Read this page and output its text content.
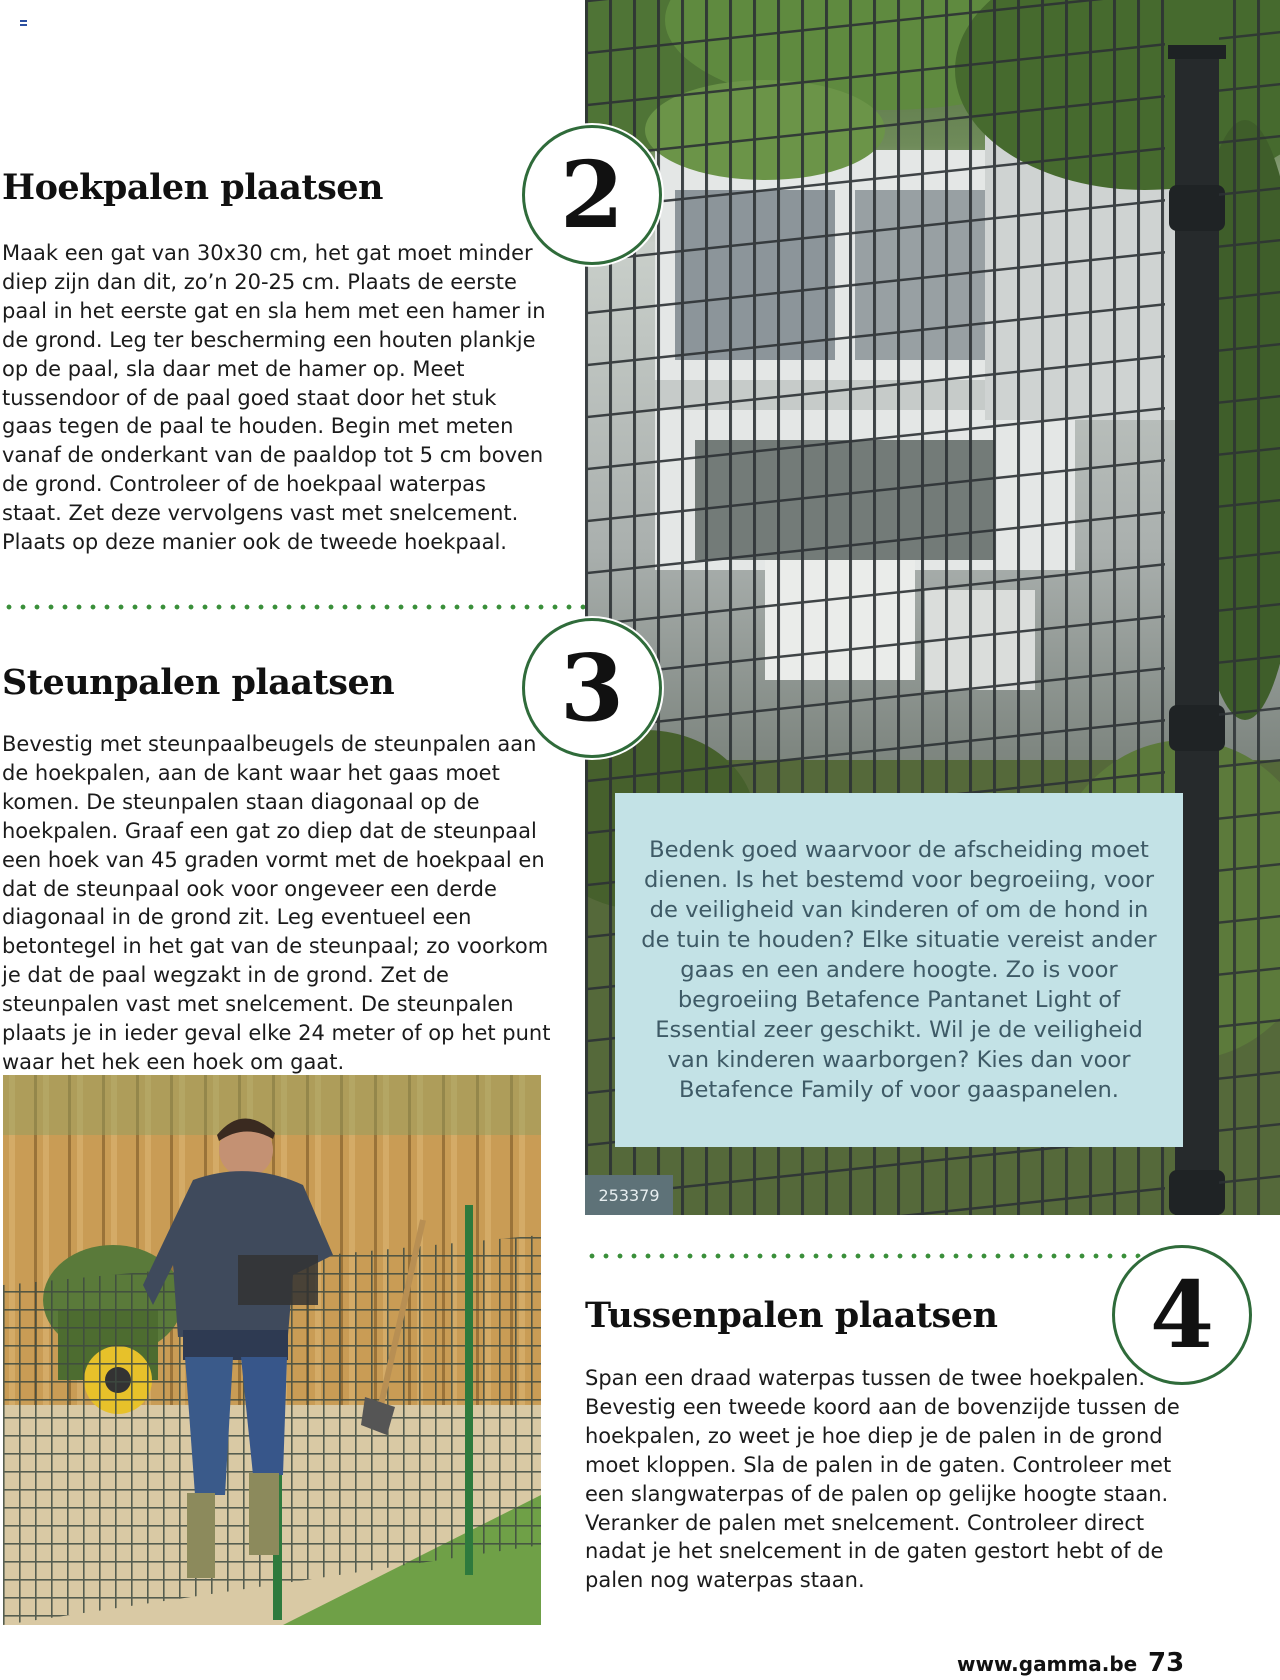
Hoekpalen plaatsen

Maak een gat van 30x30 cm, het gat moet minder diep zijn dan dit, zo’n 20-25 cm. Plaats de eerste paal in het eerste gat en sla hem met een hamer in de grond. Leg ter bescherming een houten plankje op de paal, sla daar met de hamer op. Meet tussendoor of de paal goed staat door het stuk gaas tegen de paal te houden. Begin met meten vanaf de onderkant van de paaldop tot 5 cm boven de grond. Controleer of de hoekpaal waterpas staat. Zet deze vervolgens vast met snelcement. Plaats op deze manier ook de tweede hoekpaal.

2
Steunpalen plaatsen

Bevestig met steunpaalbeugels de steunpalen aan de hoekpalen, aan de kant waar het gaas moet komen. De steunpalen staan diagonaal op de hoekpalen. Graaf een gat zo diep dat de steunpaal een hoek van 45 graden vormt met de hoekpaal en dat de steunpaal ook voor ongeveer een derde diagonaal in de grond zit. Leg eventueel een betontegel in het gat van de steunpaal; zo voorkom je dat de paal wegzakt in de grond. Zet de steunpalen vast met snelcement. De steunpalen plaats je in ieder geval elke 24 meter of op het punt waar het hek een hoek om gaat.

3

Bedenk goed waarvoor de afscheiding moet dienen. Is het bestemd voor begroeiing, voor de veiligheid van kinderen of om de hond in de tuin te houden? Elke situatie vereist ander gaas en een andere hoogte. Zo is voor begroeiing Betafence Pantanet Light of Essential zeer geschikt. Wil je de veiligheid van kinderen waarborgen? Kies dan voor Betafence Family of voor gaaspanelen.

253379
Tussenpalen plaatsen

Span een draad waterpas tussen de twee hoekpalen. Bevestig een tweede koord aan de bovenzijde tussen de hoekpalen, zo weet je hoe diep je de palen in de grond moet kloppen. Sla de palen in de gaten. Controleer met een slangwaterpas of de palen op gelijke hoogte staan. Veranker de palen met snelcement. Controleer direct nadat je het snelcement in de gaten gestort hebt of de palen nog waterpas staan.

4
www.gamma.be 73
